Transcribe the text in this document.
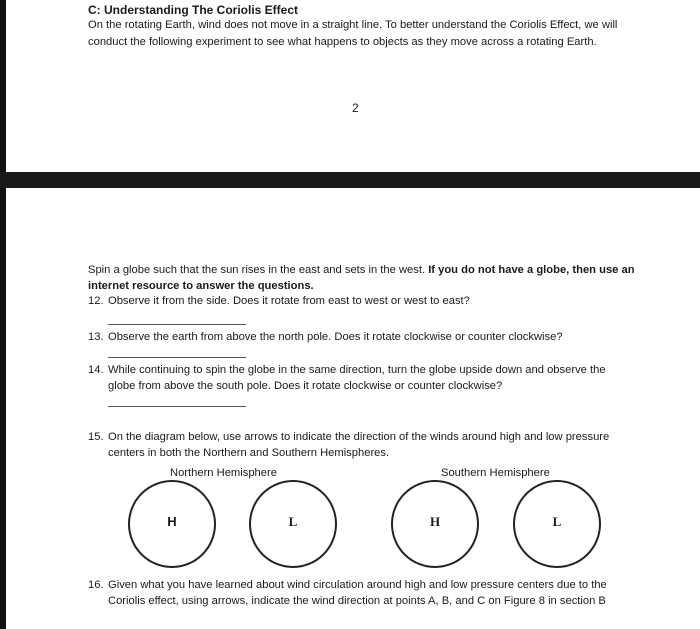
C: Understanding The Coriolis Effect
On the rotating Earth, wind does not move in a straight line. To better understand the Coriolis Effect, we will conduct the following experiment to see what happens to objects as they move across a rotating Earth.
2
Spin a globe such that the sun rises in the east and sets in the west. If you do not have a globe, then use an internet resource to answer the questions.
12. Observe it from the side. Does it rotate from east to west or west to east?
13. Observe the earth from above the north pole. Does it rotate clockwise or counter clockwise?
14. While continuing to spin the globe in the same direction, turn the globe upside down and observe the globe from above the south pole. Does it rotate clockwise or counter clockwise?
15. On the diagram below, use arrows to indicate the direction of the winds around high and low pressure centers in both the Northern and Southern Hemispheres.
Northern Hemisphere	Southern Hemisphere
H	L	H	L
16. Given what you have learned about wind circulation around high and low pressure centers due to the Coriolis effect, using arrows, indicate the wind direction at points A, B, and C on Figure 8 in section B
